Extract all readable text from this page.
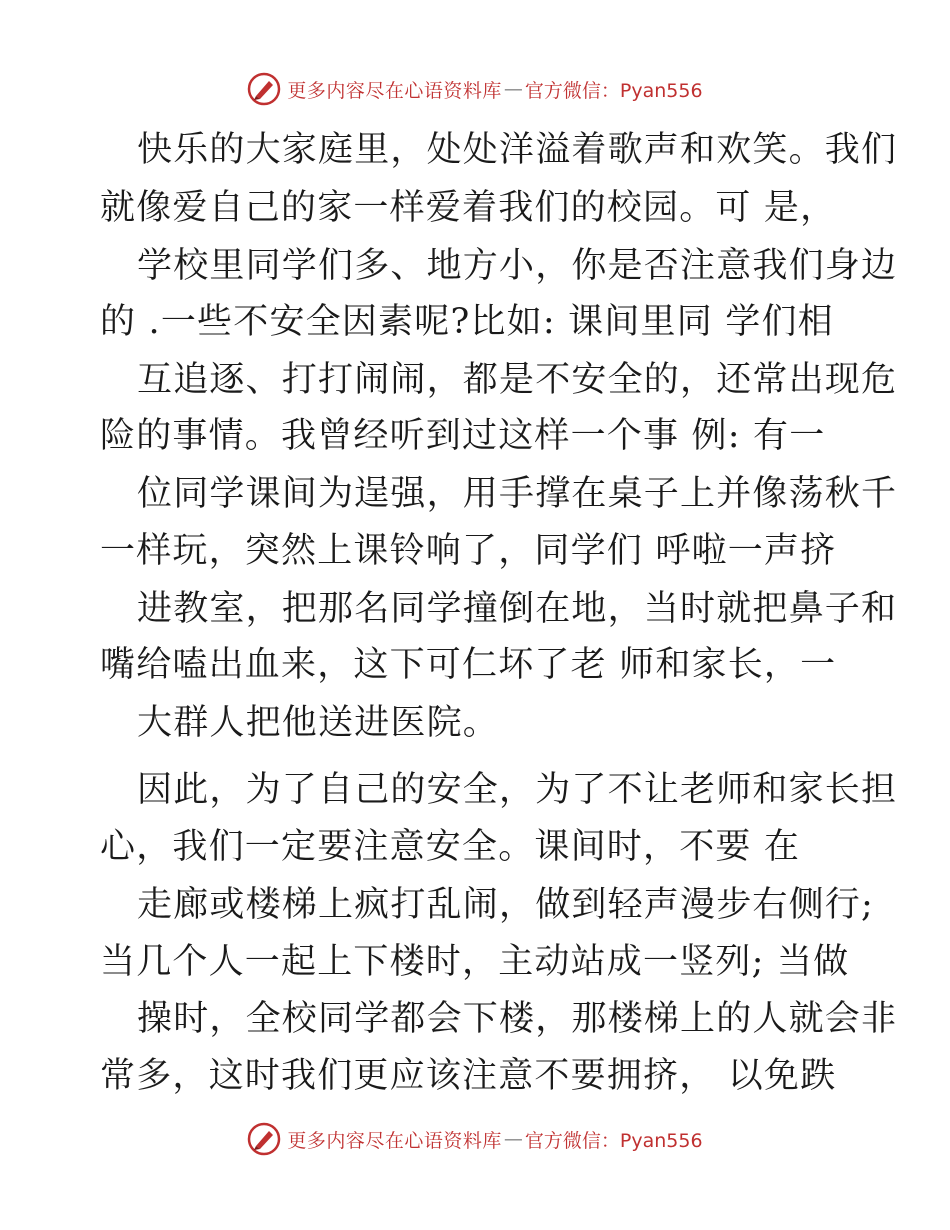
更多内容尽在心语资料库 — 官方微信：Pyan556
快乐的大家庭里，处处洋溢着歌声和欢笑。我们
就像爱自己的家一样爱着我们的校园。可 是，
学校里同学们多、地方小，你是否注意我们身边
的 .一些不安全因素呢?比如: 课间里同 学们相
互追逐、打打闹闹，都是不安全的，还常出现危
险的事情。我曾经听到过这样一个事 例: 有一
位同学课间为逞强，用手撑在桌子上并像荡秋千
一样玩，突然上课铃响了，同学们 呼啦一声挤
进教室，把那名同学撞倒在地，当时就把鼻子和
嘴给嗑出血来，这下可仁坏了老 师和家长，一
大群人把他送进医院。
因此，为了自己的安全，为了不让老师和家长担
心，我们一定要注意安全。课间时，不要 在
走廊或楼梯上疯打乱闹，做到轻声漫步右侧行;
当几个人一起上下楼时，主动站成一竖列; 当做
操时，全校同学都会下楼，那楼梯上的人就会非
常多，这时我们更应该注意不要拥挤， 以免跌
更多内容尽在心语资料库 — 官方微信：Pyan556
